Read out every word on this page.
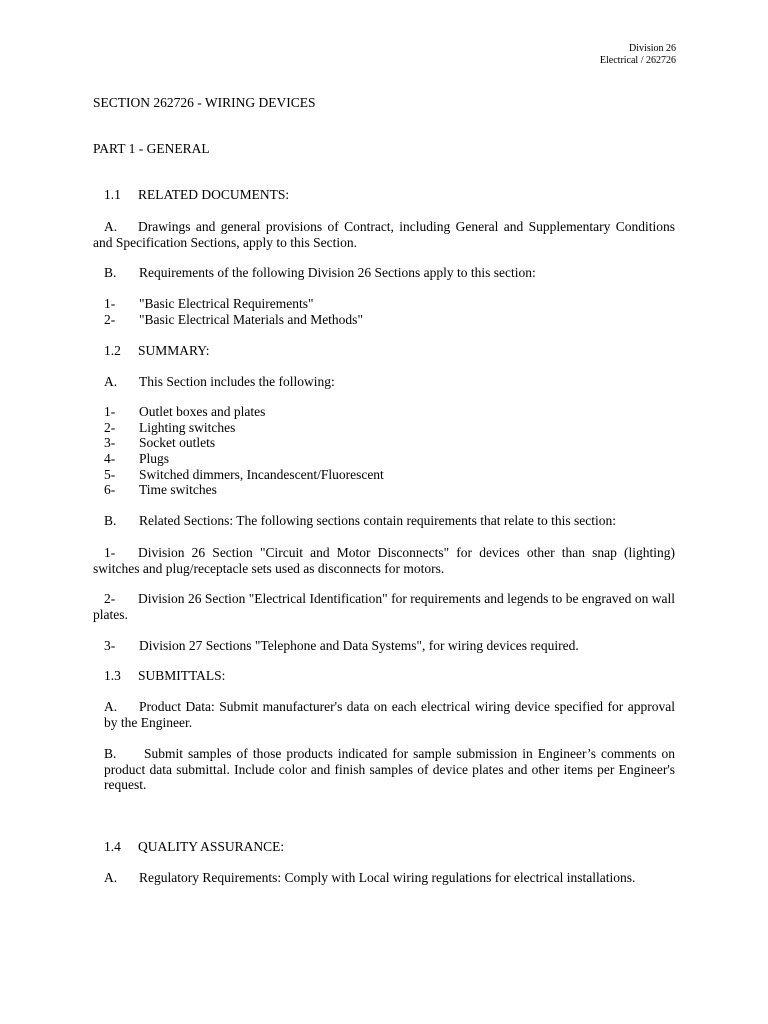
Division 26
Electrical / 262726
SECTION 262726 - WIRING DEVICES
PART 1 - GENERAL
1.1 RELATED DOCUMENTS:
A. Drawings and general provisions of Contract, including General and Supplementary Conditions and Specification Sections, apply to this Section.
B. Requirements of the following Division 26 Sections apply to this section:
1- "Basic Electrical Requirements"
2- "Basic Electrical Materials and Methods"
1.2 SUMMARY:
A. This Section includes the following:
1- Outlet boxes and plates
2- Lighting switches
3- Socket outlets
4- Plugs
5- Switched dimmers, Incandescent/Fluorescent
6- Time switches
B. Related Sections: The following sections contain requirements that relate to this section:
1- Division 26 Section "Circuit and Motor Disconnects" for devices other than snap (lighting) switches and plug/receptacle sets used as disconnects for motors.
2- Division 26 Section "Electrical Identification" for requirements and legends to be engraved on wall plates.
3- Division 27 Sections "Telephone and Data Systems", for wiring devices required.
1.3 SUBMITTALS:
A. Product Data: Submit manufacturer's data on each electrical wiring device specified for approval by the Engineer.
B. Submit samples of those products indicated for sample submission in Engineer’s comments on product data submittal. Include color and finish samples of device plates and other items per Engineer's request.
1.4 QUALITY ASSURANCE:
A. Regulatory Requirements: Comply with Local wiring regulations for electrical installations.
